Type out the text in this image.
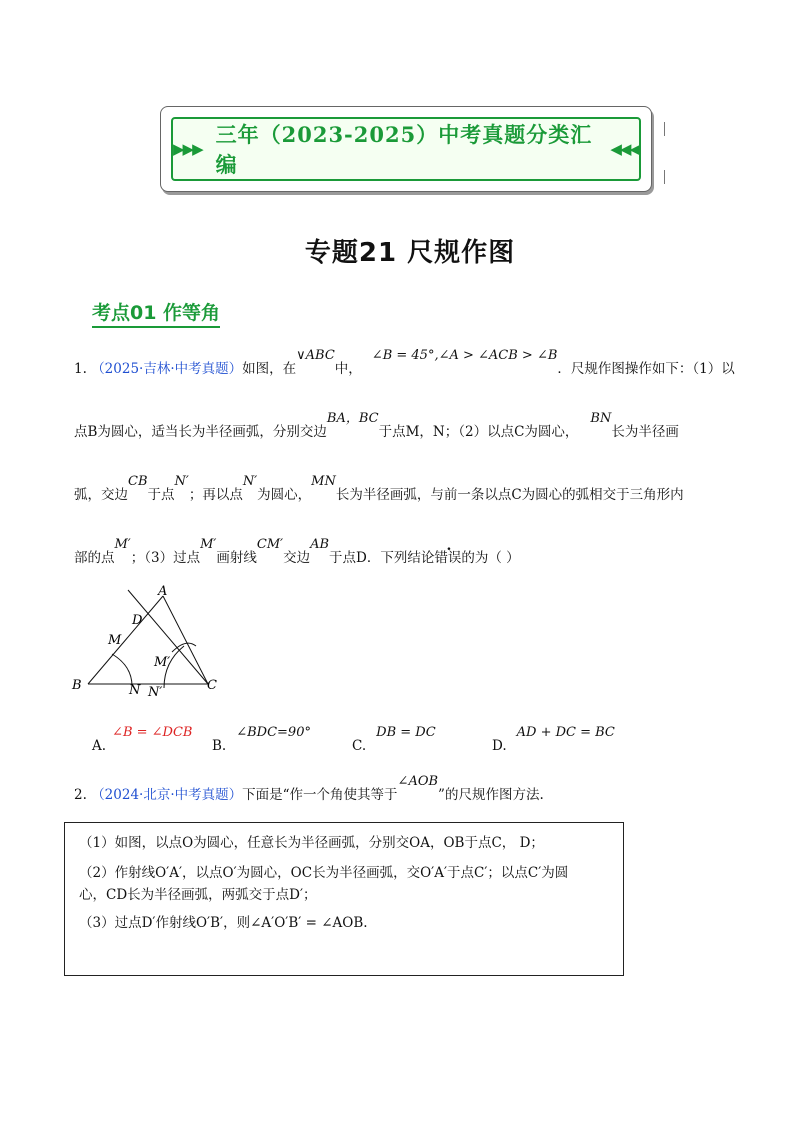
▶▶▶
三年（2023-2025）中考真题分类汇编
◀◀◀
专题21 尺规作图
考点01 作等角
1. （2025·吉林·中考真题）如图，在∨ABC中，∠B = 45°,∠A > ∠ACB > ∠B．尺规作图操作如下：（1）以
点B为圆心，适当长为半径画弧，分别交边BA，BC于点M，N；（2）以点C为圆心，BN长为半径画
弧，交边CB于点N′；再以点N′为圆心，MN长为半径画弧，与前一条以点C为圆心的弧相交于三角形内
部的点M′；（3）过点M′画射线CM′交边AB于点D．下列结论错误的为（ ）
A
B	C
D
M
N
M′
N′
A.∠B = ∠DCB
B.∠BDC=90°
C.DB = DC
D.AD + DC = BC
2. （2024·北京·中考真题）下面是“作一个角使其等于∠AOB”的尺规作图方法.
（1）如图，以点O为圆心，任意长为半径画弧，分别交OA，OB于点C， D；
（2）作射线O′A′，以点O′为圆心，OC长为半径画弧，交O′A′于点C′；以点C′为圆
心，CD长为半径画弧，两弧交于点D′；
（3）过点D′作射线O′B′，则∠A′O′B′ = ∠AOB.
